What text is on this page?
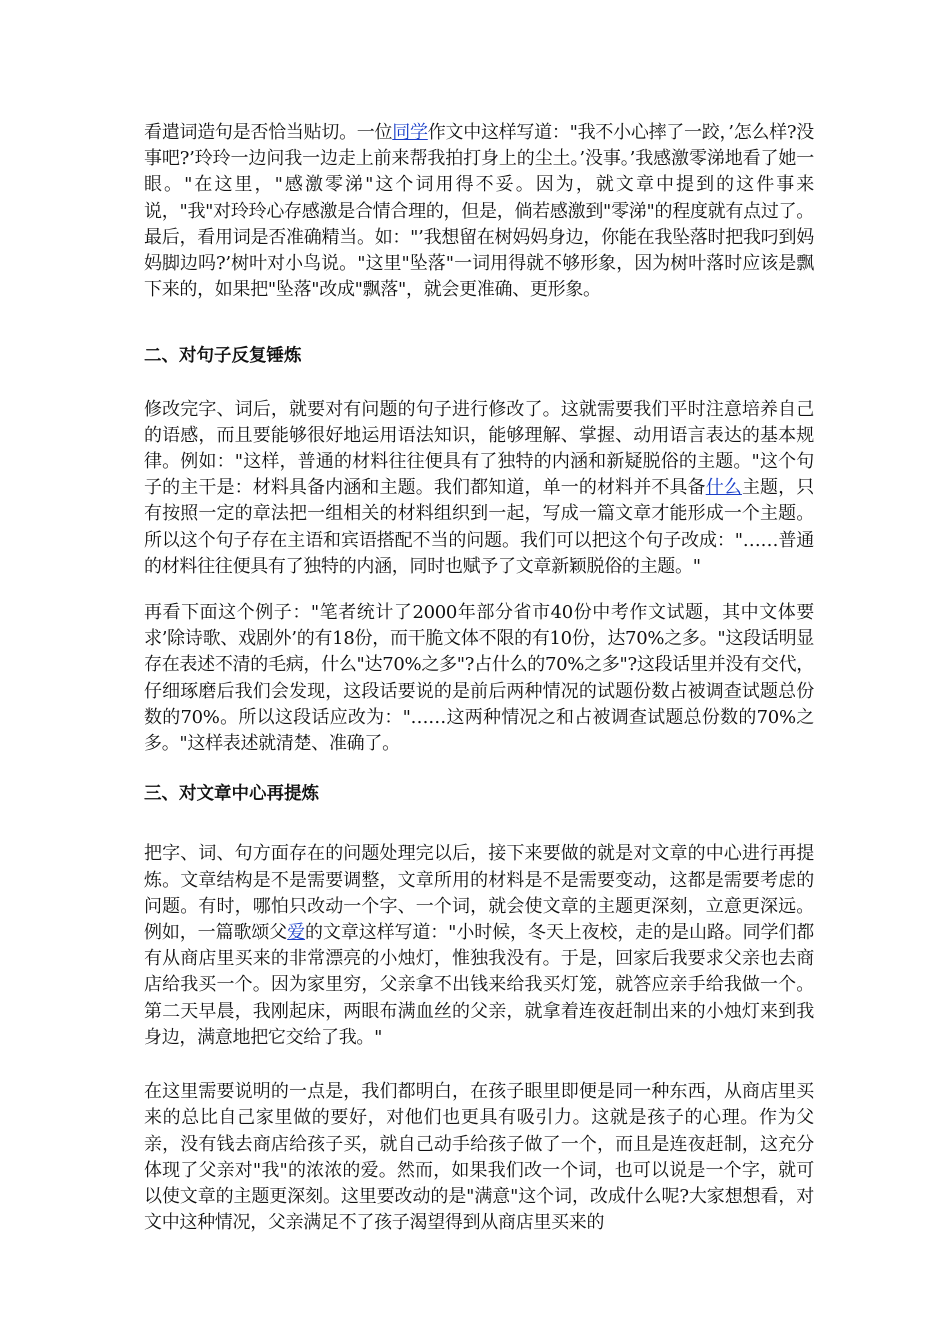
看遣词造句是否恰当贴切。一位同学作文中这样写道："我不小心摔了一跤，’怎么样?没事吧?’玲玲一边问我一边走上前来帮我拍打身上的尘土。’没事。’我感激零涕地看了她一眼。"在这里，"感激零涕"这个词用得不妥。因为，就文章中提到的这件事来说，"我"对玲玲心存感激是合情合理的，但是，倘若感激到"零涕"的程度就有点过了。最后，看用词是否准确精当。如："’我想留在树妈妈身边，你能在我坠落时把我叼到妈妈脚边吗?’树叶对小鸟说。"这里"坠落"一词用得就不够形象，因为树叶落时应该是飘下来的，如果把"坠落"改成"飘落"，就会更准确、更形象。

二、对句子反复锤炼

修改完字、词后，就要对有问题的句子进行修改了。这就需要我们平时注意培养自己的语感，而且要能够很好地运用语法知识，能够理解、掌握、动用语言表达的基本规律。例如："这样，普通的材料往往便具有了独特的内涵和新疑脱俗的主题。"这个句子的主干是：材料具备内涵和主题。我们都知道，单一的材料并不具备什么主题，只有按照一定的章法把一组相关的材料组织到一起，写成一篇文章才能形成一个主题。所以这个句子存在主语和宾语搭配不当的问题。我们可以把这个句子改成："……普通的材料往往便具有了独特的内涵，同时也赋予了文章新颖脱俗的主题。"

再看下面这个例子："笔者统计了2000年部分省市40份中考作文试题，其中文体要求’除诗歌、戏剧外’的有18份，而干脆文体不限的有10份，达70%之多。"这段话明显存在表述不清的毛病，什么"达70%之多"?占什么的70%之多"?这段话里并没有交代，仔细琢磨后我们会发现，这段话要说的是前后两种情况的试题份数占被调查试题总份数的70%。所以这段话应改为："……这两种情况之和占被调查试题总份数的70%之多。"这样表述就清楚、准确了。

三、对文章中心再提炼

把字、词、句方面存在的问题处理完以后，接下来要做的就是对文章的中心进行再提炼。文章结构是不是需要调整，文章所用的材料是不是需要变动，这都是需要考虑的问题。有时，哪怕只改动一个字、一个词，就会使文章的主题更深刻，立意更深远。例如，一篇歌颂父爱的文章这样写道："小时候，冬天上夜校，走的是山路。同学们都有从商店里买来的非常漂亮的小烛灯，惟独我没有。于是，回家后我要求父亲也去商店给我买一个。因为家里穷，父亲拿不出钱来给我买灯笼，就答应亲手给我做一个。第二天早晨，我刚起床，两眼布满血丝的父亲，就拿着连夜赶制出来的小烛灯来到我身边，满意地把它交给了我。"

在这里需要说明的一点是，我们都明白，在孩子眼里即便是同一种东西，从商店里买来的总比自己家里做的要好，对他们也更具有吸引力。这就是孩子的心理。作为父亲，没有钱去商店给孩子买，就自己动手给孩子做了一个，而且是连夜赶制，这充分体现了父亲对"我"的浓浓的爱。然而，如果我们改一个词，也可以说是一个字，就可以使文章的主题更深刻。这里要改动的是"满意"这个词，改成什么呢?大家想想看，对文中这种情况，父亲满足不了孩子渴望得到从商店里买来的
